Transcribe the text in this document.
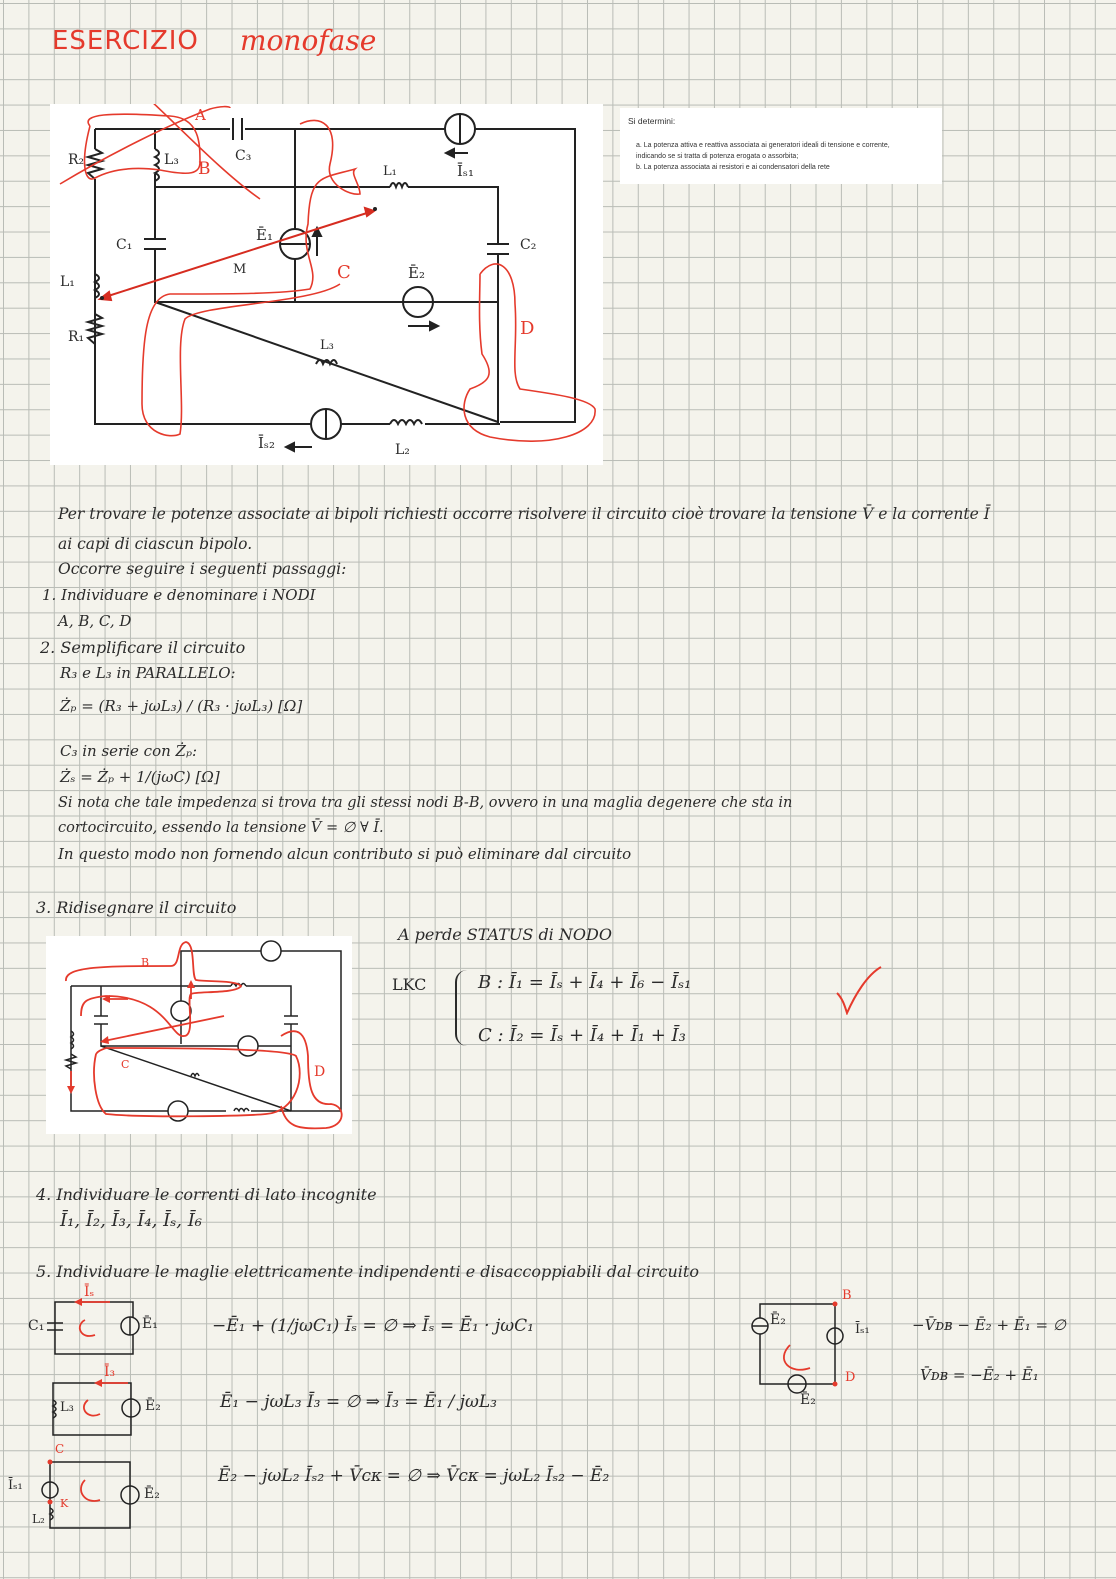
ESERCIZIO monofase
R₂	L₃	C₃
L₁
C₂
C₁
Ē₁
M	Ē₂
L₁
R₁
L₃
Īₛ₁
Īₛ₂	L₂
A
B
C
D
Si determini:
a. La potenza attiva e reattiva associata ai generatori ideali di tensione e corrente,
indicando se si tratta di potenza erogata o assorbita;
b. La potenza associata ai resistori e ai condensatori della rete
Per trovare le potenze associate ai bipoli richiesti occorre risolvere il circuito cioè trovare la tensione V̄ e la corrente Ī
ai capi di ciascun bipolo.
Occorre seguire i seguenti passaggi:
1. Individuare e denominare i NODI
A, B, C, D
2. Semplificare il circuito
R₃ e L₃ in PARALLELO:
Żₚ = (R₃ + jωL₃) / (R₃ · jωL₃) [Ω]
C₃ in serie con Żₚ:
Żₛ = Żₚ + 1/(jωC) [Ω]
Si nota che tale impedenza si trova tra gli stessi nodi B-B, ovvero in una maglia degenere che sta in
cortocircuito, essendo la tensione V̄ = ∅ ∀ Ī.
In questo modo non fornendo alcun contributo si può eliminare dal circuito
3. Ridisegnare il circuito
B
C	D
A perde STATUS di NODO
LKC	B : Ī₁ = Īₛ + Ī₄ + Ī₆ − Īₛ₁
C : Ī₂ = Īₛ + Ī₄ + Ī₁ + Ī₃
4. Individuare le correnti di lato incognite
Ī₁, Ī₂, Ī₃, Ī₄, Īₛ, Ī₆
5. Individuare le maglie elettricamente indipendenti e disaccoppiabili dal circuito
C₁	Ē₁
Īₛ
L₃	Ē₂
Ī₃
C
Īₛ₁
K
L₂
Ē₂
B
D
Ē₂
Īₛ₁
Ē₂
−Ē₁ + (1/jωC₁) Īₛ = ∅ ⇒ Īₛ = Ē₁ · jωC₁
Ē₁ − jωL₃ Ī₃ = ∅ ⇒ Ī₃ = Ē₁ / jωL₃
Ē₂ − jωL₂ Īₛ₂ + V̄ᴄᴋ = ∅ ⇒ V̄ᴄᴋ = jωL₂ Īₛ₂ − Ē₂
−V̄ᴅʙ − Ē₂ + Ē₁ = ∅
V̄ᴅʙ = −Ē₂ + Ē₁
